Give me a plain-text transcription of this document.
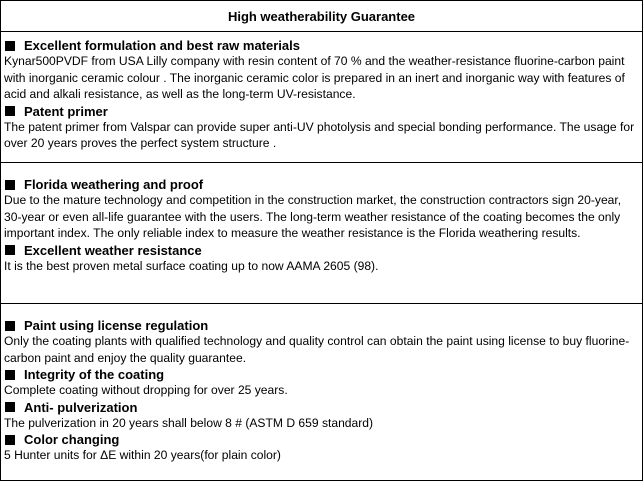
High weatherability Guarantee
Excellent formulation and best raw materials

Kynar500PVDF from USA Lilly company with resin content of 70 % and the weather-resistance fluorine-carbon paint with inorganic ceramic colour . The inorganic ceramic color is prepared in an inert and inorganic way with features of acid and alkali resistance, as well as the long-term UV-resistance.

Patent primer

The patent primer from Valspar can provide super anti-UV photolysis and special bonding performance. The usage for over 20 years proves the perfect system structure .

Florida weathering and proof

Due to the mature technology and competition in the construction market, the construction contractors sign 20-year, 30-year or even all-life guarantee with the users. The long-term weather resistance of the coating becomes the only important index. The only reliable index to measure the weather resistance is the Florida weathering results.

Excellent weather resistance

It is the best proven metal surface coating up to now AAMA 2605 (98).

Paint using license regulation

Only the coating plants with qualified technology and quality control can obtain the paint using license to buy fluorine-carbon paint and enjoy the quality guarantee.

Integrity of the coating

Complete coating without dropping for over 25 years.

Anti- pulverization

The pulverization in 20 years shall below 8 # (ASTM D 659 standard)

Color changing

5 Hunter units for ΔE within 20 years(for plain color)
